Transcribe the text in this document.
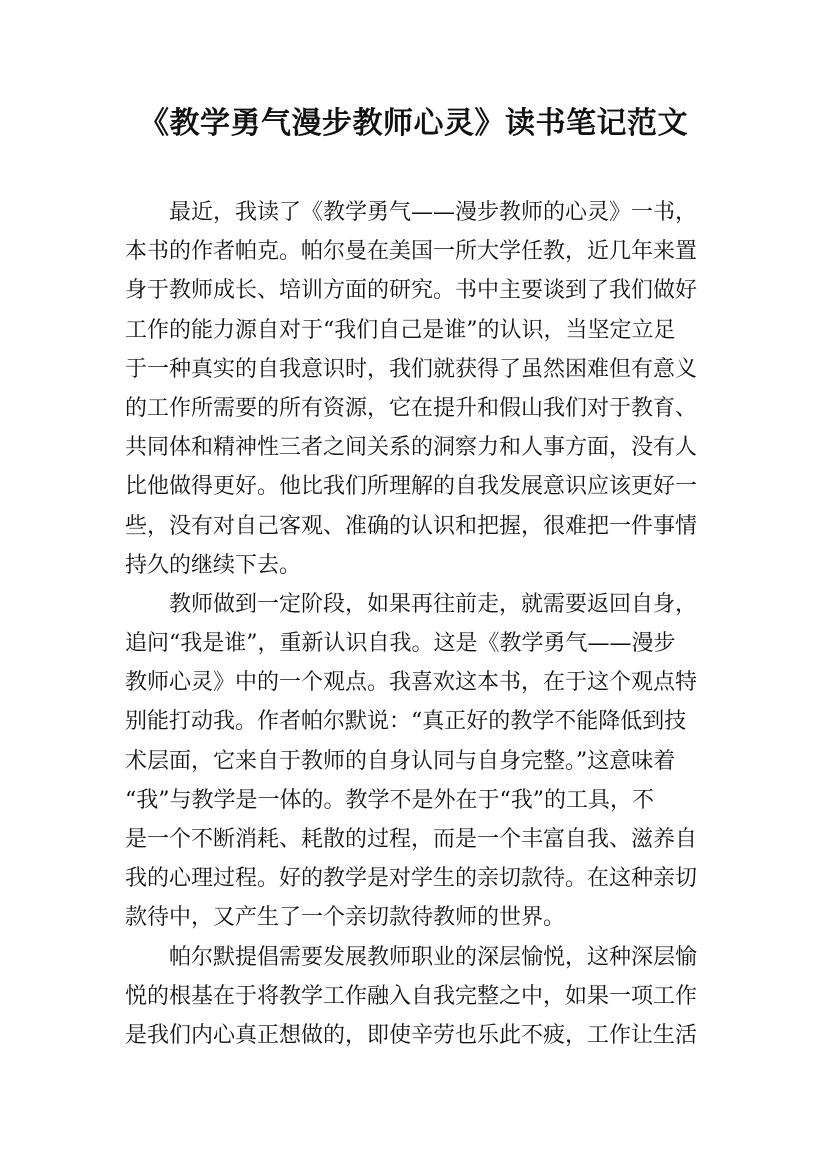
《教学勇气漫步教师心灵》读书笔记范文
最近，我读了《教学勇气——漫步教师的心灵》一书，
本书的作者帕克。帕尔曼在美国一所大学任教，近几年来置
身于教师成长、培训方面的研究。书中主要谈到了我们做好
工作的能力源自对于“我们自己是谁”的认识，当坚定立足
于一种真实的自我意识时，我们就获得了虽然困难但有意义
的工作所需要的所有资源，它在提升和假山我们对于教育、
共同体和精神性三者之间关系的洞察力和人事方面，没有人
比他做得更好。他比我们所理解的自我发展意识应该更好一
些，没有对自己客观、准确的认识和把握，很难把一件事情
持久的继续下去。
教师做到一定阶段，如果再往前走，就需要返回自身，
追问“我是谁”，重新认识自我。这是《教学勇气——漫步
教师心灵》中的一个观点。我喜欢这本书，在于这个观点特
别能打动我。作者帕尔默说：“真正好的教学不能降低到技
术层面，它来自于教师的自身认同与自身完整。”这意味着
“我”与教学是一体的。教学不是外在于“我”的工具，不
是一个不断消耗、耗散的过程，而是一个丰富自我、滋养自
我的心理过程。好的教学是对学生的亲切款待。在这种亲切
款待中，又产生了一个亲切款待教师的世界。
帕尔默提倡需要发展教师职业的深层愉悦，这种深层愉
悦的根基在于将教学工作融入自我完整之中，如果一项工作
是我们内心真正想做的，即使辛劳也乐此不疲，工作让生活
